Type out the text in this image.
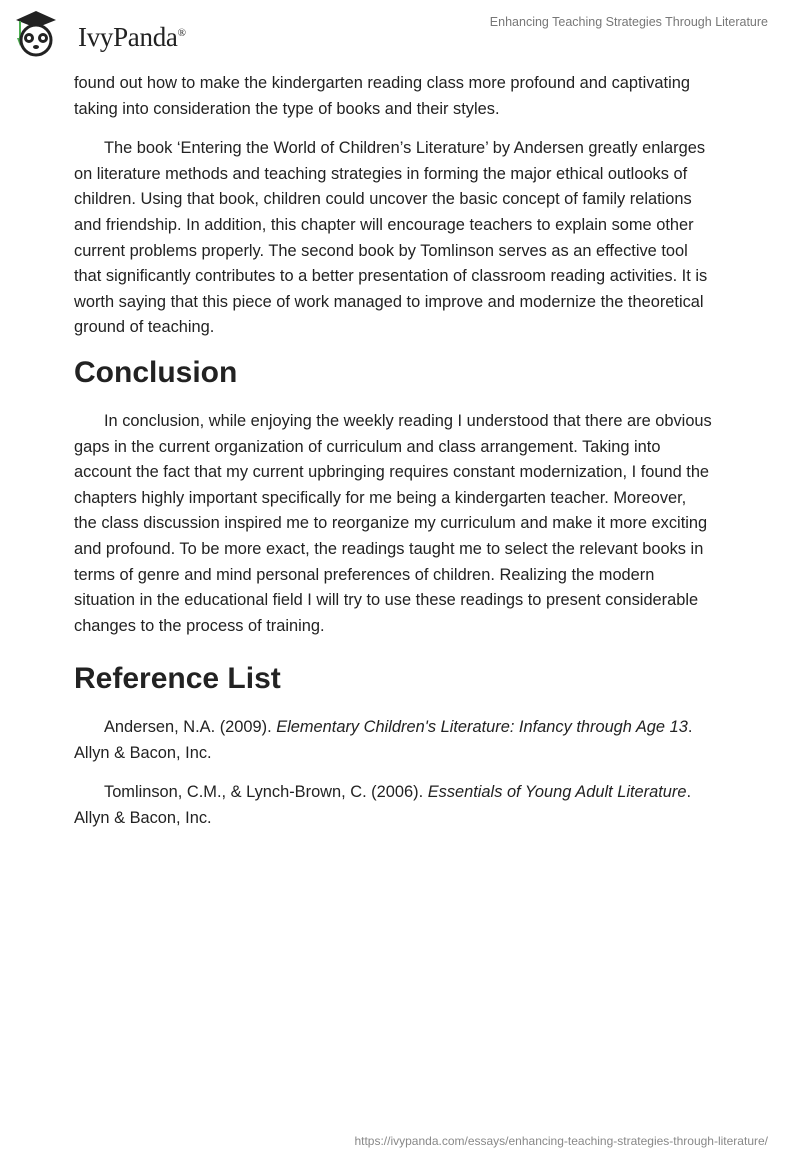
IvyPanda®
Enhancing Teaching Strategies Through Literature

found out how to make the kindergarten reading class more profound and captivating
taking into consideration the type of books and their styles.

The book ‘Entering the World of Children’s Literature’ by Andersen greatly enlarges
on literature methods and teaching strategies in forming the major ethical outlooks of
children. Using that book, children could uncover the basic concept of family relations
and friendship. In addition, this chapter will encourage teachers to explain some other
current problems properly. The second book by Tomlinson serves as an effective tool
that significantly contributes to a better presentation of classroom reading activities. It is
worth saying that this piece of work managed to improve and modernize the theoretical
ground of teaching.

Conclusion

In conclusion, while enjoying the weekly reading I understood that there are obvious
gaps in the current organization of curriculum and class arrangement. Taking into
account the fact that my current upbringing requires constant modernization, I found the
chapters highly important specifically for me being a kindergarten teacher. Moreover,
the class discussion inspired me to reorganize my curriculum and make it more exciting
and profound. To be more exact, the readings taught me to select the relevant books in
terms of genre and mind personal preferences of children. Realizing the modern
situation in the educational field I will try to use these readings to present considerable
changes to the process of training.

Reference List
Andersen, N.A. (2009). Elementary Children's Literature: Infancy through Age 13.
Allyn & Bacon, Inc.
Tomlinson, C.M., & Lynch-Brown, C. (2006). Essentials of Young Adult Literature.
Allyn & Bacon, Inc.
https://ivypanda.com/essays/enhancing-teaching-strategies-through-literature/
